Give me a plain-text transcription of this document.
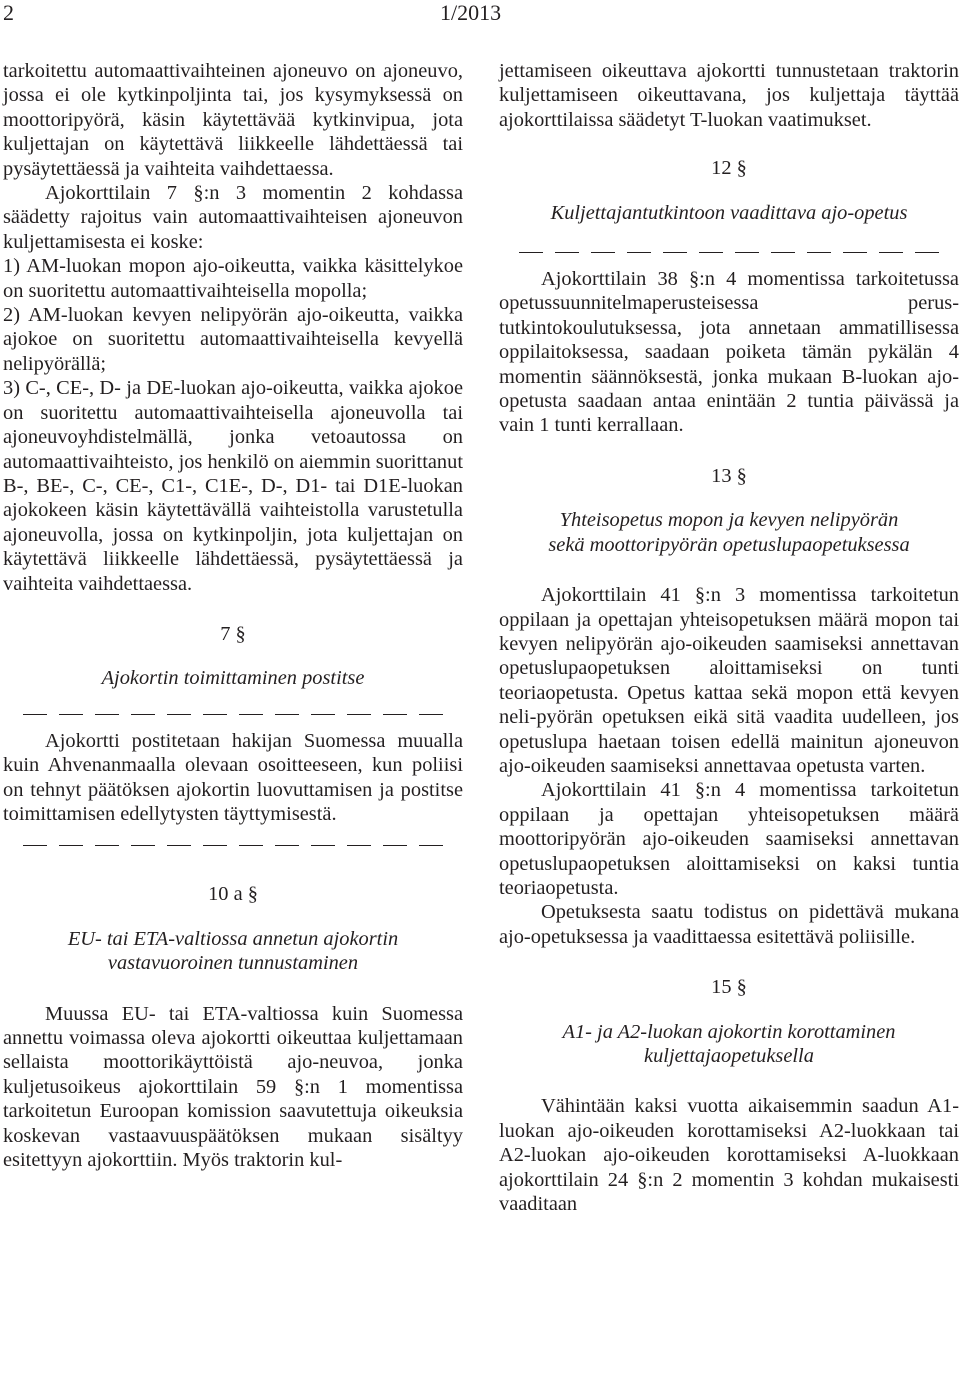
2	1/2013

tarkoitettu automaattivaihteinen ajoneuvo on ajoneuvo, jossa ei ole kytkinpoljinta tai, jos kysymyksessä on moottoripyörä, käsin käytettävää kytkinvipua, jota kuljettajan on käytettävä liikkeelle lähdettäessä tai pysäytettäessä ja vaihteita vaihdettaessa.

Ajokorttilain 7 §:n 3 momentin 2 kohdassa säädetty rajoitus vain automaattivaihteisen ajoneuvon kuljettamisesta ei koske:

1) AM-luokan mopon ajo-oikeutta, vaikka käsittelykoe on suoritettu automaattivaihteisella mopolla;

2) AM-luokan kevyen nelipyörän ajo-oikeutta, vaikka ajokoe on suoritettu automaattivaihteisella kevyellä nelipyörällä;

3) C-, CE-, D- ja DE-luokan ajo-oikeutta, vaikka ajokoe on suoritettu automaattivaihteisella ajoneuvolla tai ajoneuvoyhdistelmällä, jonka vetoautossa on automaattivaihteisto, jos henkilö on aiemmin suorittanut B-, BE-, C-, CE-, C1-, C1E-, D-, D1- tai D1E-luokan ajokokeen käsin käytettävällä vaihteistolla varustetulla ajoneuvolla, jossa on kytkinpoljin, jota kuljettajan on käytettävä liikkeelle lähdettäessä, pysäytettäessä ja vaihteita vaihdettaessa.

7 §

Ajokortin toimittaminen postitse

Ajokortti postitetaan hakijan Suomessa muualla kuin Ahvenanmaalla olevaan osoitteeseen, kun poliisi on tehnyt päätöksen ajokortin luovuttamisen ja postitse toimittamisen edellytysten täyttymisestä.

10 a §

EU- tai ETA-valtiossa annetun ajokortin

vastavuoroinen tunnustaminen

Muussa EU- tai ETA-valtiossa kuin Suomessa annettu voimassa oleva ajokortti oikeuttaa kuljettamaan sellaista moottorikäyttöistä ajo-neuvoa, jonka kuljetusoikeus ajokorttilain 59 §:n 1 momentissa tarkoitetun Euroopan komission saavutettuja oikeuksia koskevan vastaavuuspäätöksen mukaan sisältyy esitettyyn ajokorttiin. Myös traktorin kul-

jettamiseen oikeuttava ajokortti tunnustetaan traktorin kuljettamiseen oikeuttavana, jos kuljettaja täyttää ajokorttilaissa säädetyt T-luokan vaatimukset.

12 §

Kuljettajantutkintoon vaadittava ajo-opetus

Ajokorttilain 38 §:n 4 momentissa tarkoitetussa opetussuunnitelmaperusteisessa perus-tutkintokoulutuksessa, jota annetaan ammatillisessa oppilaitoksessa, saadaan poiketa tämän pykälän 4 momentin säännöksestä, jonka mukaan B-luokan ajo-opetusta saadaan antaa enintään 2 tuntia päivässä ja vain 1 tunti kerrallaan.

13 §

Yhteisopetus mopon ja kevyen nelipyörän

sekä moottoripyörän opetuslupaopetuksessa

Ajokorttilain 41 §:n 3 momentissa tarkoitetun oppilaan ja opettajan yhteisopetuksen määrä mopon tai kevyen nelipyörän ajo-oikeuden saamiseksi annettavan opetuslupaopetuksen aloittamiseksi on tunti teoriaopetusta. Opetus kattaa sekä mopon että kevyen neli-pyörän opetuksen eikä sitä vaadita uudelleen, jos opetuslupa haetaan toisen edellä mainitun ajoneuvon ajo-oikeuden saamiseksi annettavaa opetusta varten.

Ajokorttilain 41 §:n 4 momentissa tarkoitetun oppilaan ja opettajan yhteisopetuksen määrä moottoripyörän ajo-oikeuden saamiseksi annettavan opetuslupaopetuksen aloittamiseksi on kaksi tuntia teoriaopetusta.

Opetuksesta saatu todistus on pidettävä mukana ajo-opetuksessa ja vaadittaessa esitettävä poliisille.

15 §

A1- ja A2-luokan ajokortin korottaminen

kuljettajaopetuksella

Vähintään kaksi vuotta aikaisemmin saadun A1-luokan ajo-oikeuden korottamiseksi A2-luokkaan tai A2-luokan ajo-oikeuden korottamiseksi A-luokkaan ajokorttilain 24 §:n 2 momentin 3 kohdan mukaisesti vaaditaan
